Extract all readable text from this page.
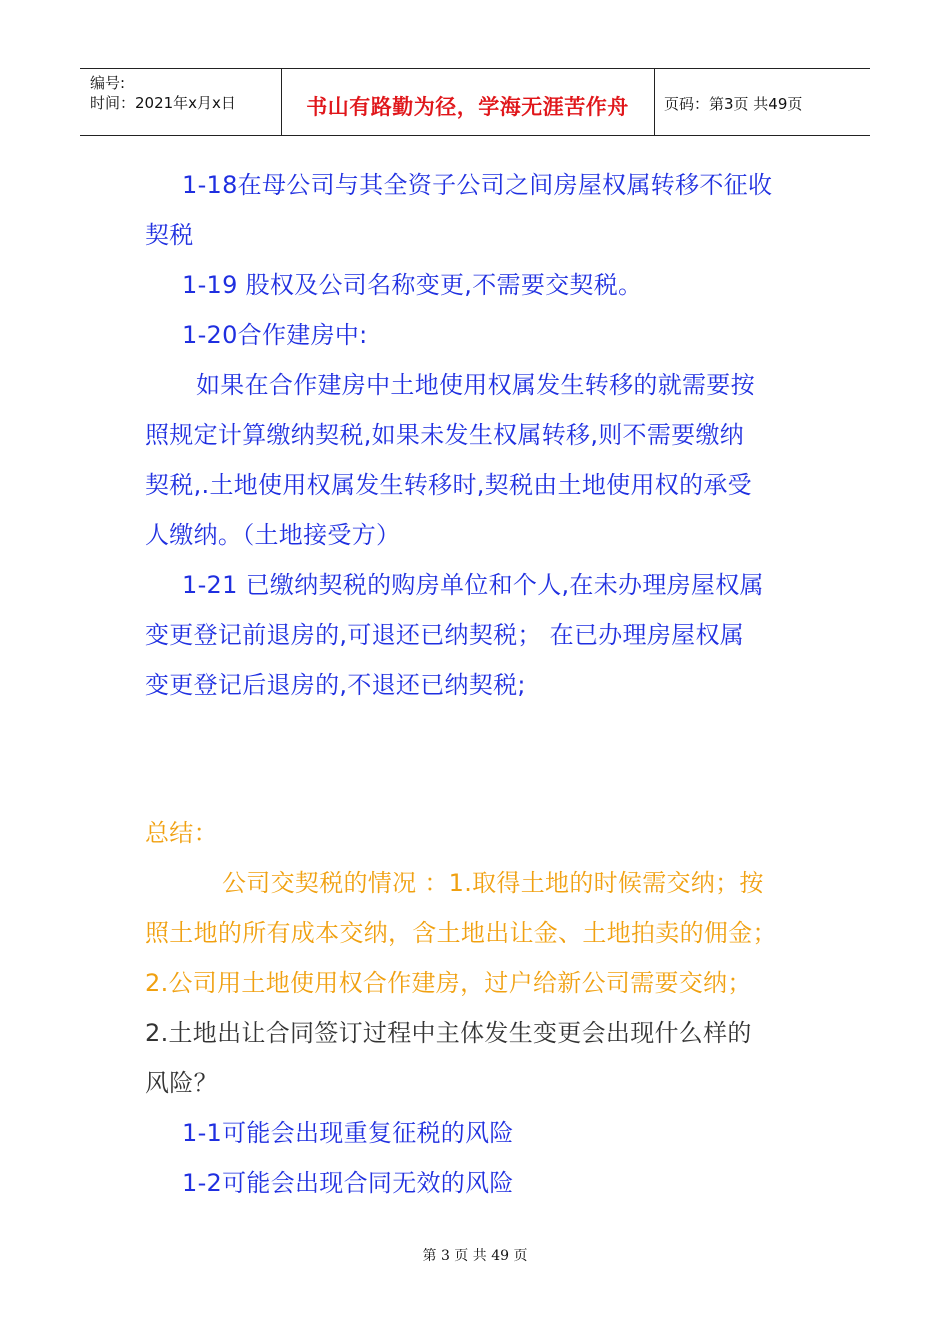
编号:
时间：2021年x月x日	书山有路勤为径，学海无涯苦作舟	页码：第3页 共49页
1-18在母公司与其全资子公司之间房屋权属转移不征收
契税
1-19 股权及公司名称变更,不需要交契税。
1-20合作建房中:
如果在合作建房中土地使用权属发生转移的就需要按
照规定计算缴纳契税,如果未发生权属转移,则不需要缴纳
契税,.土地使用权属发生转移时,契税由土地使用权的承受
人缴纳。（土地接受方）
1-21 已缴纳契税的购房单位和个人,在未办理房屋权属
变更登记前退房的,可退还已纳契税； 在已办理房屋权属
变更登记后退房的,不退还已纳契税;
总结：
公司交契税的情况 ：1.取得土地的时候需交纳；按
照土地的所有成本交纳，含土地出让金、土地拍卖的佣金；
2.公司用土地使用权合作建房，过户给新公司需要交纳；
2.土地出让合同签订过程中主体发生变更会出现什么样的
风险？
1-1可能会出现重复征税的风险
1-2可能会出现合同无效的风险
第 3 页 共 49 页
